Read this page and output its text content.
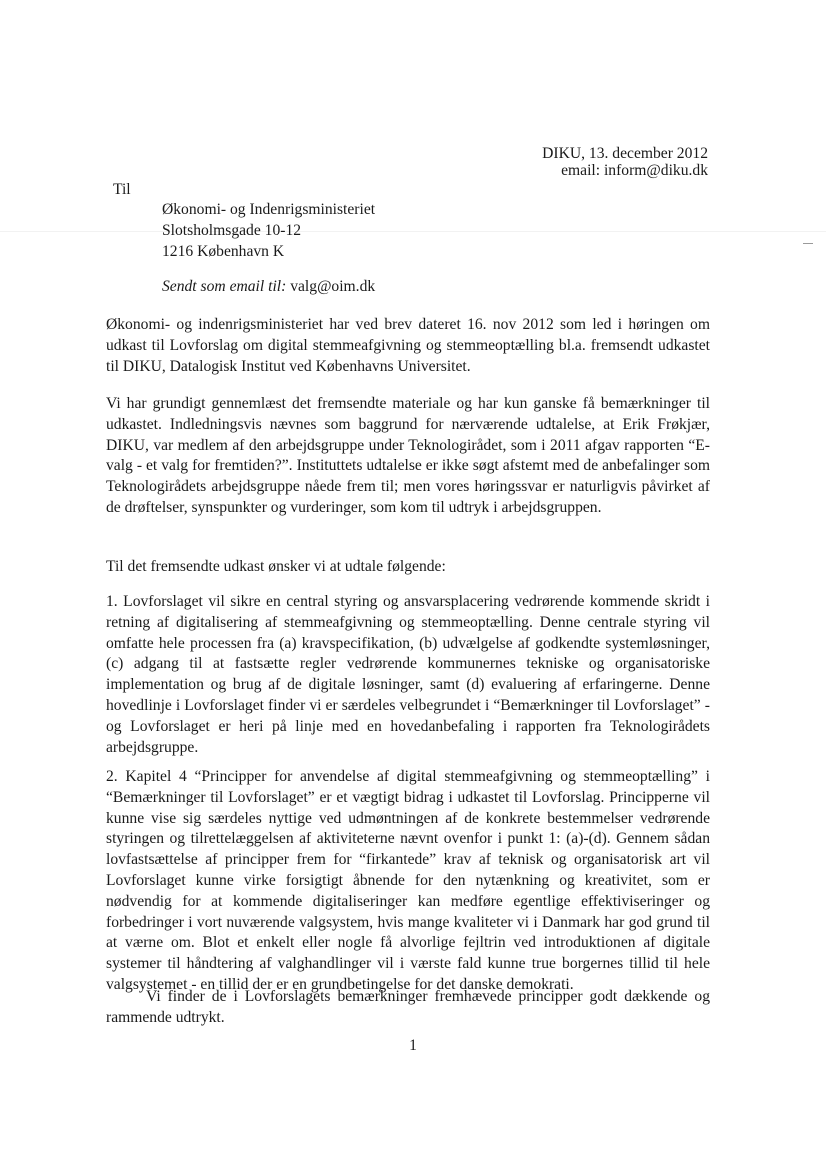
DIKU, 13. december 2012
email: inform@diku.dk
Til
Økonomi- og Indenrigsministeriet
Slotsholmsgade 10-12
1216 København K
Sendt som email til: valg@oim.dk

Økonomi- og indenrigsministeriet har ved brev dateret 16. nov 2012 som led i høringen om udkast til Lovforslag om digital stemmeafgivning og stemmeoptælling bl.a. fremsendt udkastet til DIKU, Datalogisk Institut ved Københavns Universitet.

Vi har grundigt gennemlæst det fremsendte materiale og har kun ganske få bemærkninger til udkastet. Indledningsvis nævnes som baggrund for nærværende udtalelse, at Erik Frøkjær, DIKU, var medlem af den arbejdsgruppe under Teknologirådet, som i 2011 afgav rapporten “E-valg - et valg for fremtiden?”. Instituttets udtalelse er ikke søgt afstemt med de anbefalinger som Teknologirådets arbejdsgruppe nåede frem til; men vores høringssvar er naturligvis påvirket af de drøftelser, synspunkter og vurderinger, som kom til udtryk i arbejdsgruppen.

Til det fremsendte udkast ønsker vi at udtale følgende:

1. Lovforslaget vil sikre en central styring og ansvarsplacering vedrørende kommende skridt i retning af digitalisering af stemmeafgivning og stemmeoptælling. Denne centrale styring vil omfatte hele processen fra (a) kravspecifikation, (b) udvælgelse af godkendte systemløsninger, (c) adgang til at fastsætte regler vedrørende kommunernes tekniske og organisatoriske implementation og brug af de digitale løsninger, samt (d) evaluering af erfaringerne. Denne hovedlinje i Lovforslaget finder vi er særdeles velbegrundet i “Bemærkninger til Lovforslaget” - og Lovforslaget er heri på linje med en hovedanbefaling i rapporten fra Teknologirådets arbejdsgruppe.

2. Kapitel 4 “Principper for anvendelse af digital stemmeafgivning og stemmeoptælling” i “Bemærkninger til Lovforslaget” er et vægtigt bidrag i udkastet til Lovforslag. Principperne vil kunne vise sig særdeles nyttige ved udmøntningen af de konkrete bestemmelser vedrørende styringen og tilrettelæggelsen af aktiviteterne nævnt ovenfor i punkt 1: (a)-(d). Gennem sådan lovfastsættelse af principper frem for “firkantede” krav af teknisk og organisatorisk art vil Lovforslaget kunne virke forsigtigt åbnende for den nytænkning og kreativitet, som er nødvendig for at kommende digitaliseringer kan medføre egentlige effektiviseringer og forbedringer i vort nuværende valgsystem, hvis mange kvaliteter vi i Danmark har god grund til at værne om. Blot et enkelt eller nogle få alvorlige fejltrin ved introduktionen af digitale systemer til håndtering af valghandlinger vil i værste fald kunne true borgernes tillid til hele valgsystemet - en tillid der er en grundbetingelse for det danske demokrati.

Vi finder de i Lovforslagets bemærkninger fremhævede principper godt dækkende og rammende udtrykt.

1
